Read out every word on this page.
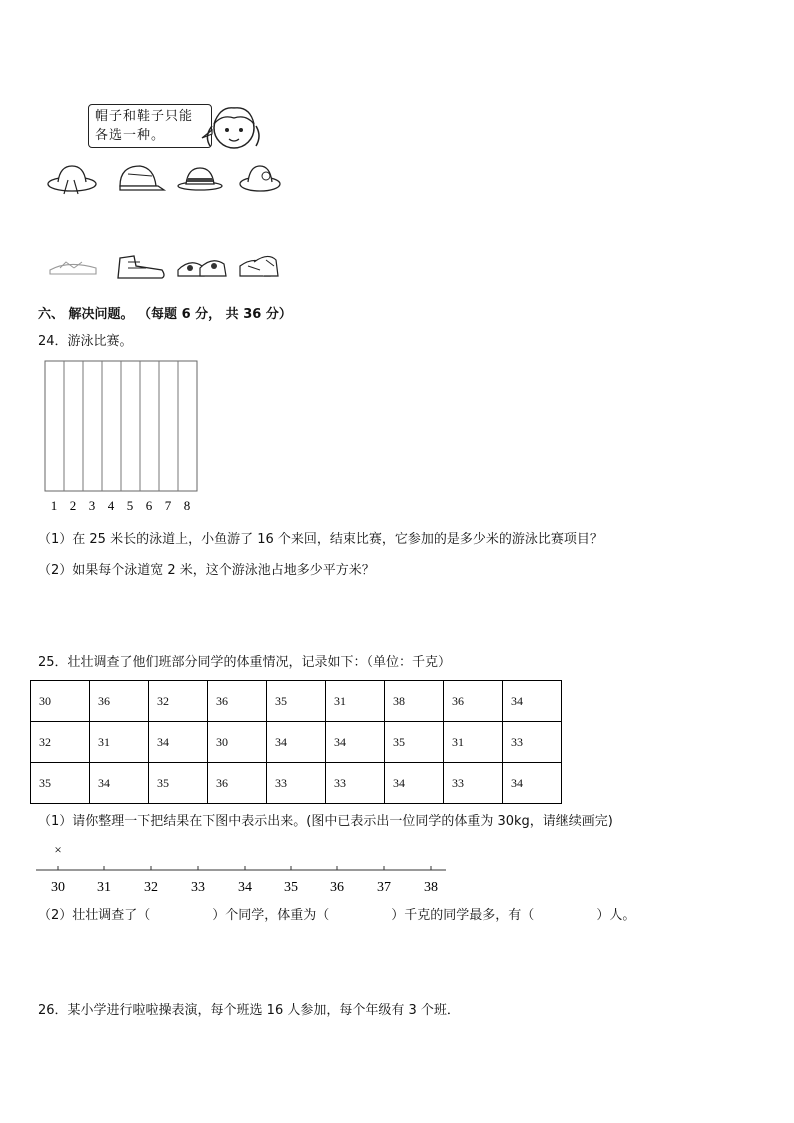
帽子和鞋子只能
各选一种。
六、 解决问题。 （每题 6 分， 共 36 分）
24．游泳比赛。
1 2 3 4 5 6 7 8
（1）在 25 米长的泳道上，小鱼游了 16 个来回，结束比赛，它参加的是多少米的游泳比赛项目？
（2）如果每个泳道宽 2 米，这个游泳池占地多少平方米？
25．壮壮调查了他们班部分同学的体重情况，记录如下：（单位：千克）
30	36	32	36	35	31	38	36	34
32	31	34	30	34	34	35	31	33
35	34	35	36	33	33	34	33	34
（1）请你整理一下把结果在下图中表示出来。(图中已表示出一位同学的体重为 30kg，请继续画完)
×
30 31 32 33 34 35 36 37 38
（2）壮壮调查了（	）个同学，体重为（	）千克的同学最多，有（	）人。
26．某小学进行啦啦操表演，每个班选 16 人参加，每个年级有 3 个班．
